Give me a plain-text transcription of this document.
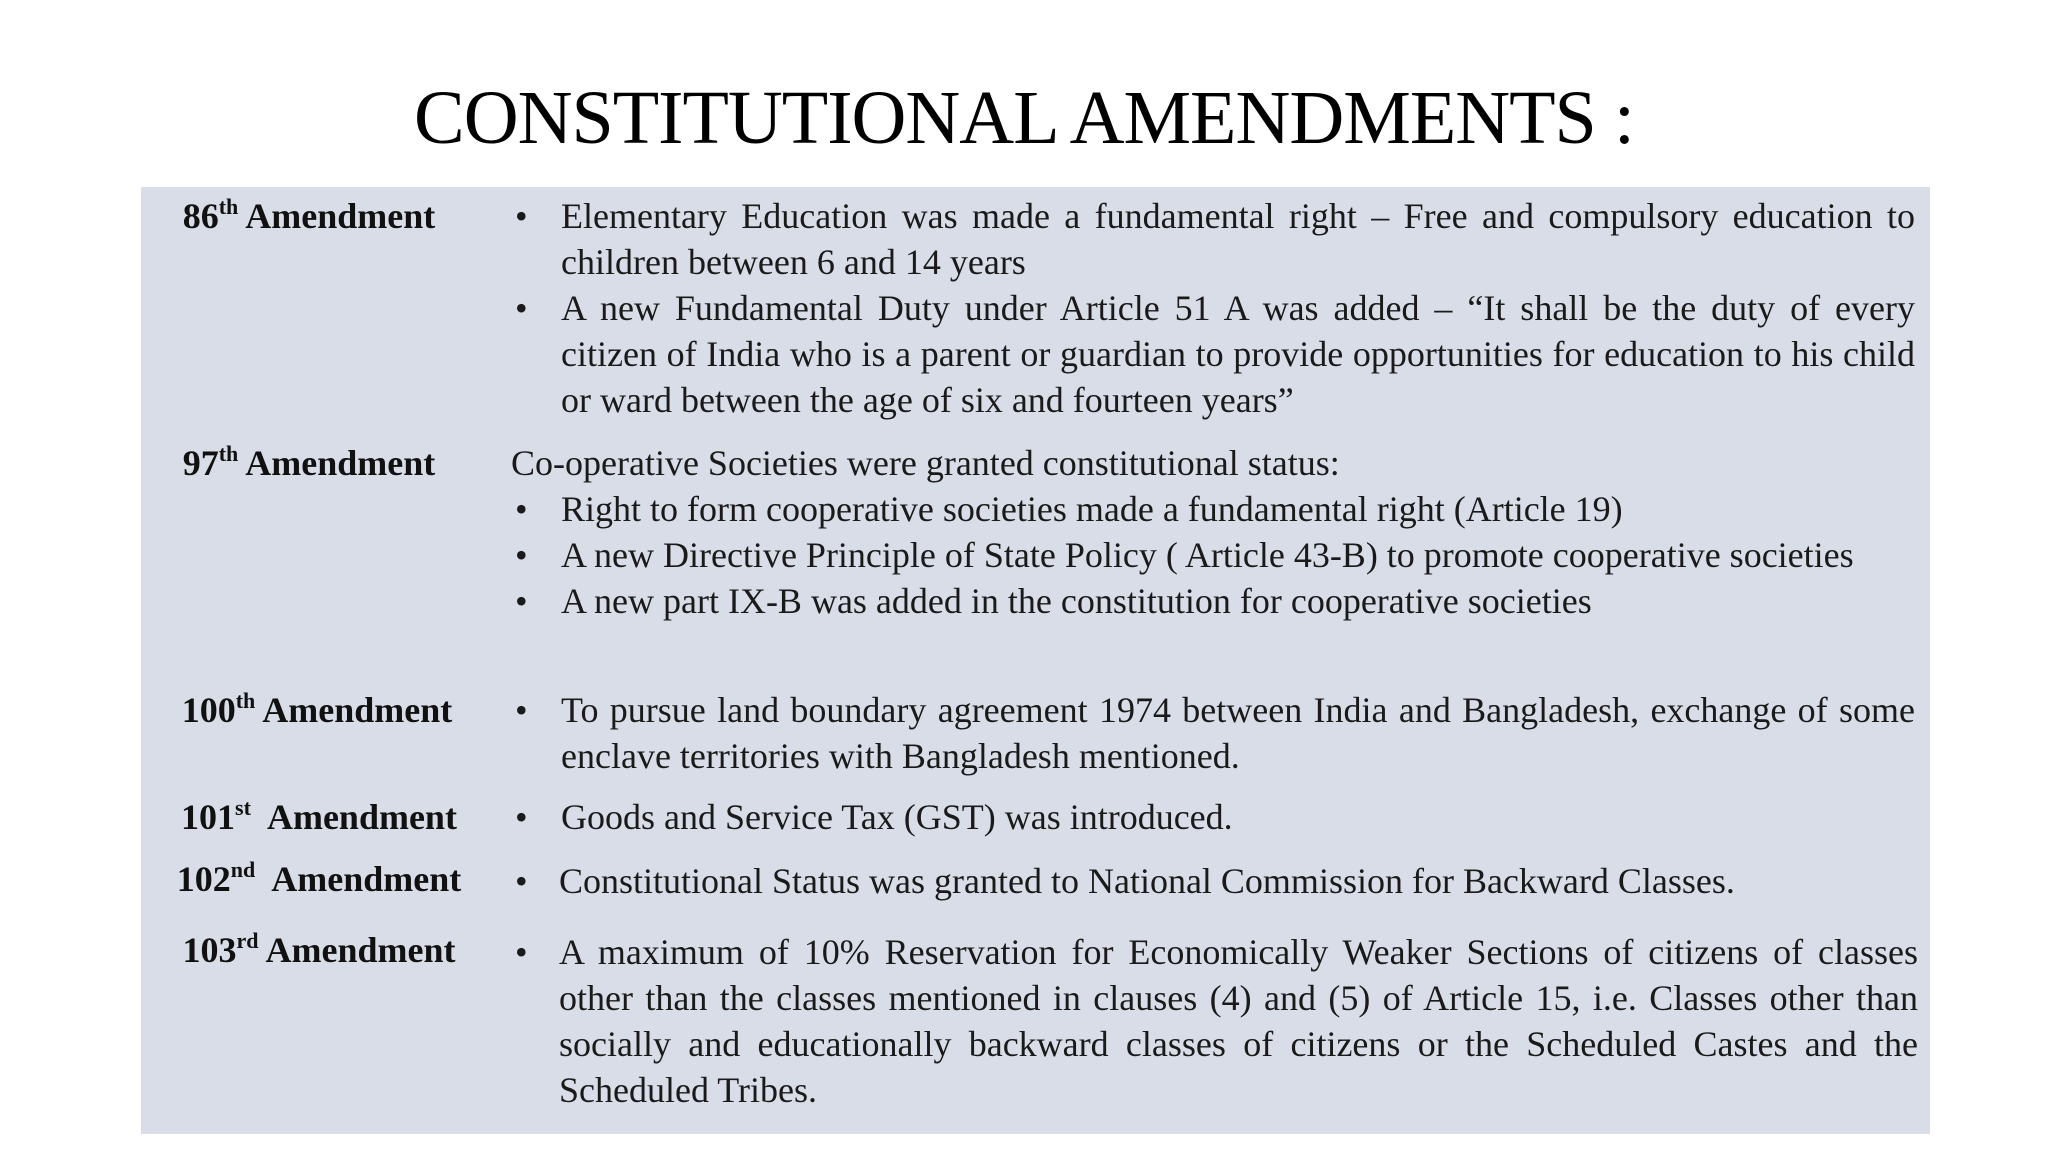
CONSTITUTIONAL AMENDMENTS :
86th Amendment	• Elementary Education was made a fundamental right – Free and compulsory education to children between 6 and 14 years
• A new Fundamental Duty under Article 51 A was added – “It shall be the duty of every citizen of India who is a parent or guardian to provide opportunities for education to his child or ward between the age of six and fourteen years”
97th Amendment	Co-operative Societies were granted constitutional status:
• Right to form cooperative societies made a fundamental right (Article 19)
• A new Directive Principle of State Policy ( Article 43-B) to promote cooperative societies
• A new part IX-B was added in the constitution for cooperative societies
100th Amendment	• To pursue land boundary agreement 1974 between India and Bangladesh, exchange of some enclave territories with Bangladesh mentioned.
101st Amendment	• Goods and Service Tax (GST) was introduced.
102nd Amendment	• Constitutional Status was granted to National Commission for Backward Classes.
103rd Amendment	• A maximum of 10% Reservation for Economically Weaker Sections of citizens of classes other than the classes mentioned in clauses (4) and (5) of Article 15, i.e. Classes other than socially and educationally backward classes of citizens or the Scheduled Castes and the Scheduled Tribes.
